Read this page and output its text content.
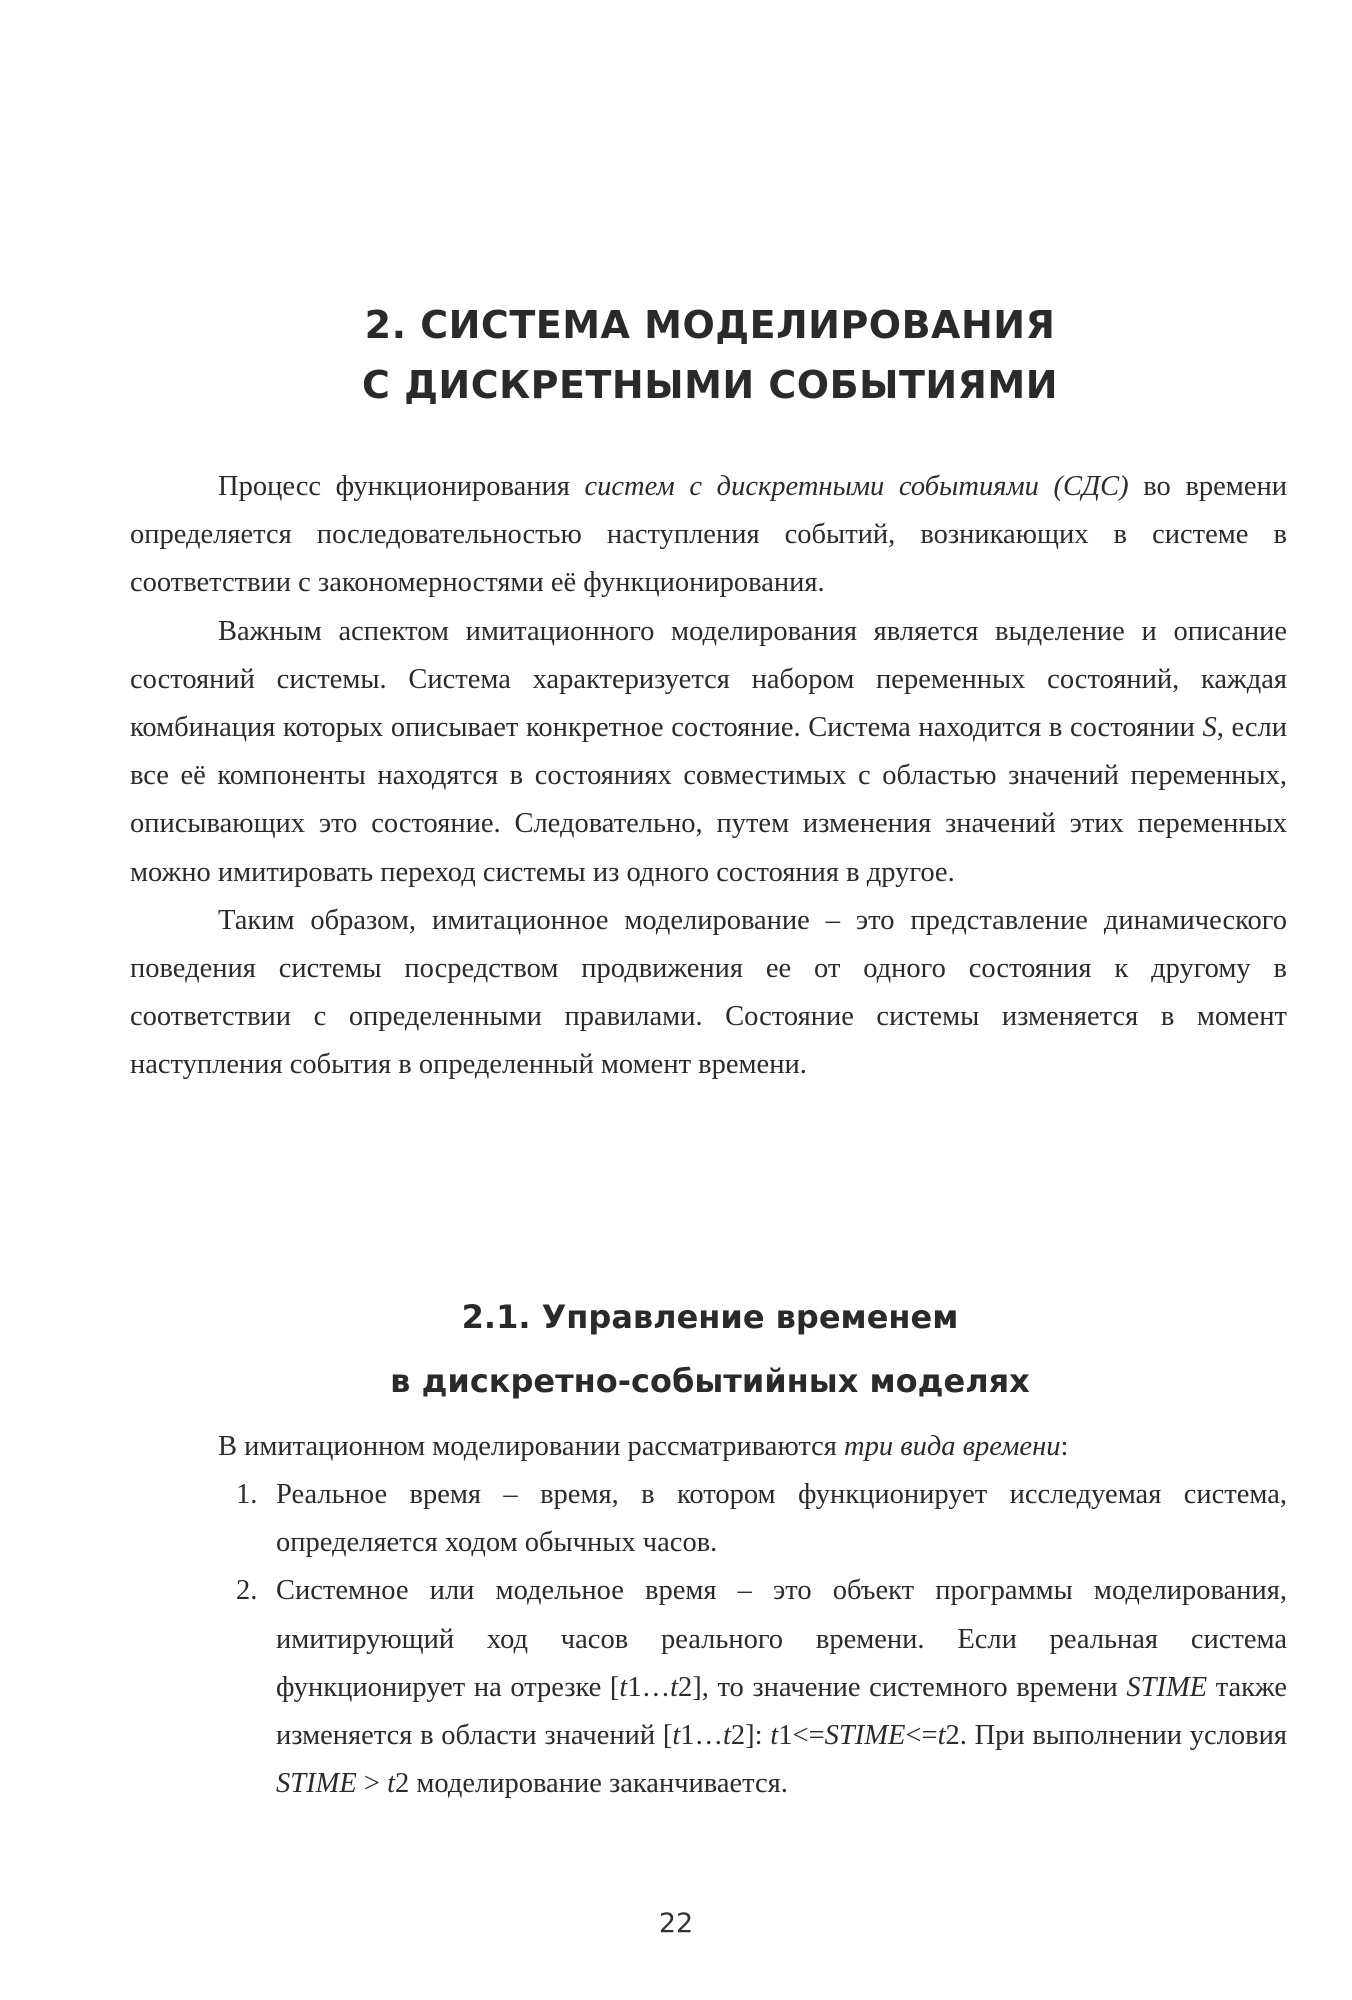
2. СИСТЕМА МОДЕЛИРОВАНИЯ
С ДИСКРЕТНЫМИ СОБЫТИЯМИ

Процесс функционирования систем с дискретными событиями (СДС) во времени определяется последовательностью наступления событий, возникающих в системе в соответствии с закономерностями её функционирования.

Важным аспектом имитационного моделирования является выделение и описание состояний системы. Система характеризуется набором переменных состояний, каждая комбинация которых описывает конкретное состояние. Система находится в состоянии S, если все её компоненты находятся в состояниях совместимых с областью значений переменных, описывающих это состояние. Следовательно, путем изменения значений этих переменных можно имитировать переход системы из одного состояния в другое.

Таким образом, имитационное моделирование – это представление динамического поведения системы посредством продвижения ее от одного состояния к другому в соответствии с определенными правилами. Состояние системы изменяется в момент наступления события в определенный момент времени.

2.1. Управление временем
в дискретно-событийных моделях
В имитационном моделировании рассматриваются три вида времени:
1. Реальное время – время, в котором функционирует исследуемая система, определяется ходом обычных часов.
2. Системное или модельное время – это объект программы моделирования, имитирующий ход часов реального времени. Если реальная система функционирует на отрезке [t1…t2], то значение системного времени STIME также изменяется в области значений [t1…t2]: t1<=STIME<=t2. При выполнении условия STIME > t2 моделирование заканчивается.
22
